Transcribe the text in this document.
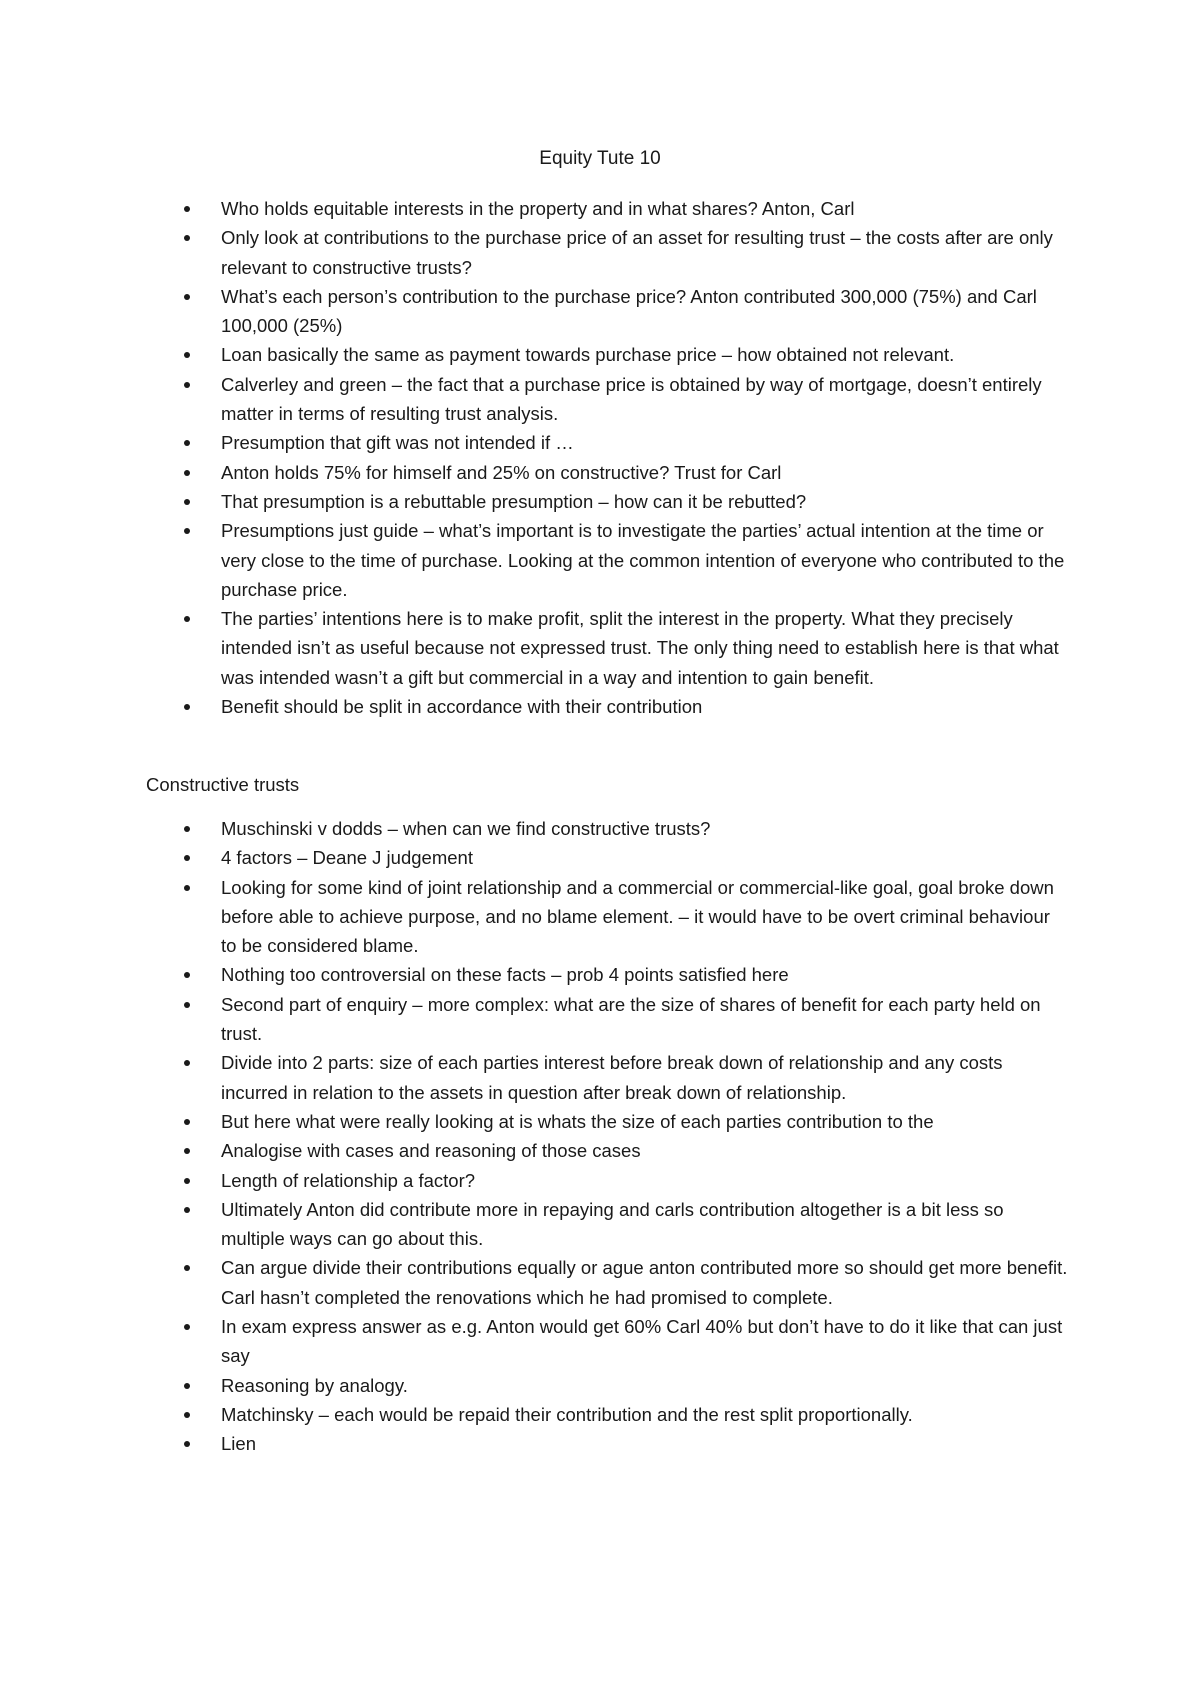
Equity Tute 10
Who holds equitable interests in the property and in what shares? Anton, Carl
Only look at contributions to the purchase price of an asset for resulting trust – the costs after are only relevant to constructive trusts?
What’s each person’s contribution to the purchase price? Anton contributed 300,000 (75%) and Carl 100,000 (25%)
Loan basically the same as payment towards purchase price – how obtained not relevant.
Calverley and green – the fact that a purchase price is obtained by way of mortgage, doesn’t entirely matter in terms of resulting trust analysis.
Presumption that gift was not intended if …
Anton holds 75% for himself and 25% on constructive? Trust for Carl
That presumption is a rebuttable presumption – how can it be rebutted?
Presumptions just guide – what’s important is to investigate the parties’ actual intention at the time or very close to the time of purchase. Looking at the common intention of everyone who contributed to the purchase price.
The parties’ intentions here is to make profit, split the interest in the property. What they precisely intended isn’t as useful because not expressed trust. The only thing need to establish here is that what was intended wasn’t a gift but commercial in a way and intention to gain benefit.
Benefit should be split in accordance with their contribution
Constructive trusts
Muschinski v dodds – when can we find constructive trusts?
4 factors – Deane J judgement
Looking for some kind of joint relationship and a commercial or commercial-like goal, goal broke down before able to achieve purpose, and no blame element. – it would have to be overt criminal behaviour to be considered blame.
Nothing too controversial on these facts – prob 4 points satisfied here
Second part of enquiry – more complex: what are the size of shares of benefit for each party held on trust.
Divide into 2 parts: size of each parties interest before break down of relationship and any costs incurred in relation to the assets in question after break down of relationship.
But here what were really looking at is whats the size of each parties contribution to the
Analogise with cases and reasoning of those cases
Length of relationship a factor?
Ultimately Anton did contribute more in repaying and carls contribution altogether is a bit less so multiple ways can go about this.
Can argue divide their contributions equally or ague anton contributed more so should get more benefit. Carl hasn’t completed the renovations which he had promised to complete.
In exam express answer as e.g. Anton would get 60% Carl 40% but don’t have to do it like that can just say
Reasoning by analogy.
Matchinsky – each would be repaid their contribution and the rest split proportionally.
Lien
